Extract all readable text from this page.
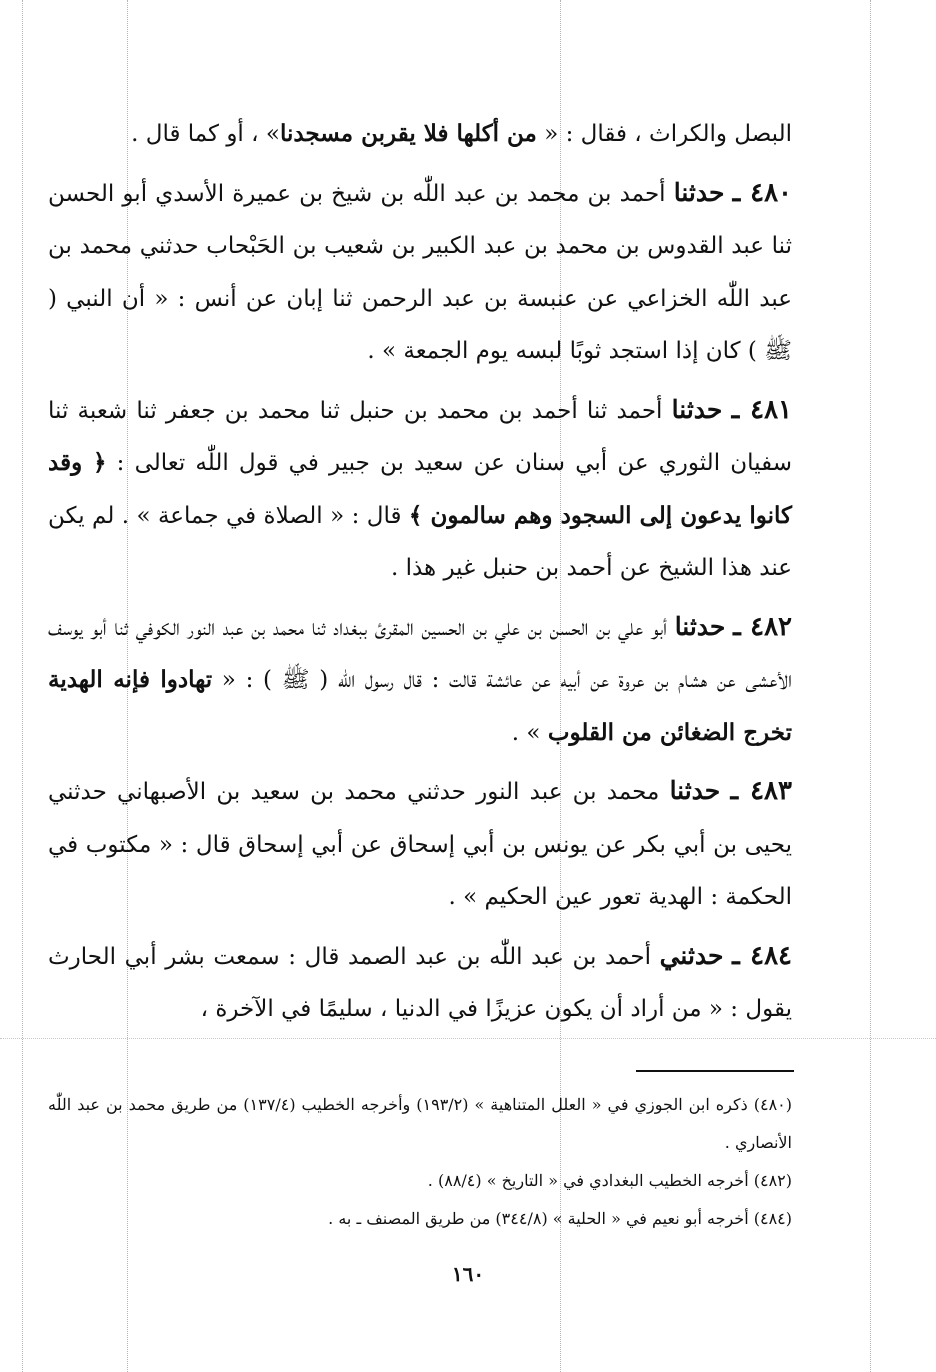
البصل والكراث ، فقال : « من أكلها فلا يقربن مسجدنا» ، أو كما قال .

٤٨٠ ـ حدثنا أحمد بن محمد بن عبد اللّٰه بن شيخ بن عميرة الأسدي أبو الحسن ثنا عبد القدوس بن محمد بن عبد الكبير بن شعيب بن الحَبْحاب حدثني محمد بن عبد اللّٰه الخزاعي عن عنبسة بن عبد الرحمن ثنا إبان عن أنس : « أن النبي ( ﷺ ) كان إذا استجد ثوبًا لبسه يوم الجمعة » .

٤٨١ ـ حدثنا أحمد ثنا أحمد بن محمد بن حنبل ثنا محمد بن جعفر ثنا شعبة ثنا سفيان الثوري عن أبي سنان عن سعيد بن جبير في قول اللّٰه تعالى : ﴿ وقد كانوا يدعون إلى السجود وهم سالمون ﴾ قال : « الصلاة في جماعة » . لم يكن عند هذا الشيخ عن أحمد بن حنبل غير هذا .

٤٨٢ ـ حدثنا أبو علي بن الحسن بن علي بن الحسين المقرئ ببغداد ثنا محمد بن عبد النور الكوفي ثنا أبو يوسف الأعشى عن هشام بن عروة عن أبيه عن عائشة قالت : قال رسول اللّٰه ( ﷺ ) : « تهادوا فإنه الهدية تخرج الضغائن من القلوب » .

٤٨٣ ـ حدثنا محمد بن عبد النور حدثني محمد بن سعيد بن الأصبهاني حدثني يحيى بن أبي بكر عن يونس بن أبي إسحاق عن أبي إسحاق قال : « مكتوب في الحكمة : الهدية تعور عين الحكيم » .

٤٨٤ ـ حدثني أحمد بن عبد اللّٰه بن عبد الصمد قال : سمعت بشر أبي الحارث يقول : « من أراد أن يكون عزيزًا في الدنيا ، سليمًا في الآخرة ،

(٤٨٠) ذكره ابن الجوزي في « العلل المتناهية » (١٩٣/٢) وأخرجه الخطيب (١٣٧/٤) من طريق محمد بن عبد اللّٰه الأنصاري .

(٤٨٢) أخرجه الخطيب البغدادي في « التاريخ » (٨٨/٤) .

(٤٨٤) أخرجه أبو نعيم في « الحلية » (٣٤٤/٨) من طريق المصنف ـ به .

١٦٠
